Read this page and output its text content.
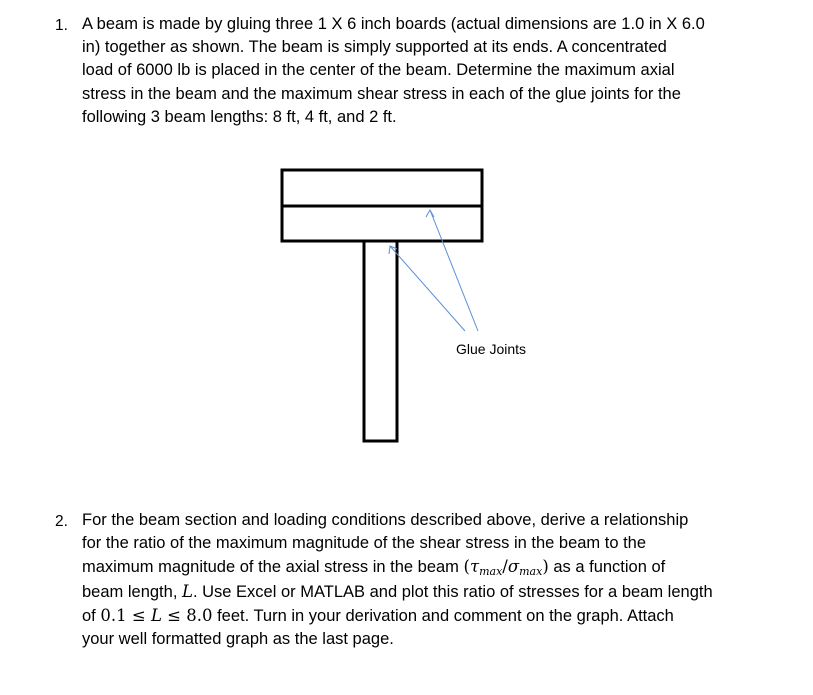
1. A beam is made by gluing three 1 X 6 inch boards (actual dimensions are 1.0 in X 6.0
in) together as shown. The beam is simply supported at its ends. A concentrated
load of 6000 lb is placed in the center of the beam. Determine the maximum axial
stress in the beam and the maximum shear stress in each of the glue joints for the
following 3 beam lengths: 8 ft, 4 ft, and 2 ft.
Glue Joints
2. For the beam section and loading conditions described above, derive a relationship
for the ratio of the maximum magnitude of the shear stress in the beam to the
maximum magnitude of the axial stress in the beam $(\tau_{max}/\sigma_{max})$ as a function of
beam length, L. Use Excel or MATLAB and plot this ratio of stresses for a beam length
of 0.1 ≤ L ≤ 8.0 feet. Turn in your derivation and comment on the graph. Attach
your well formatted graph as the last page.
